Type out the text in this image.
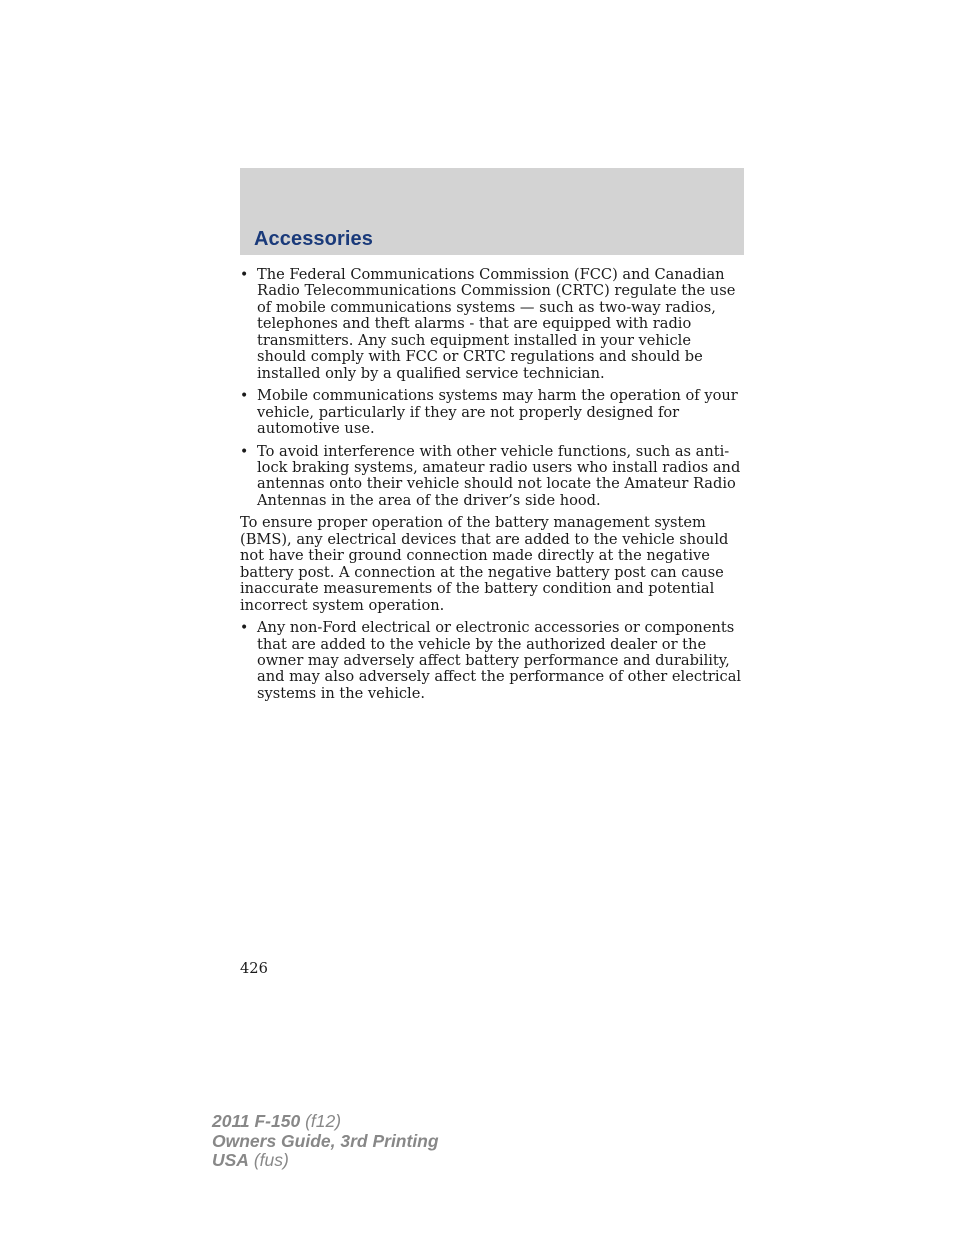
Accessories
• The Federal Communications Commission (FCC) and Canadian Radio Telecommunications Commission (CRTC) regulate the use of mobile communications systems — such as two-way radios, telephones and theft alarms - that are equipped with radio transmitters. Any such equipment installed in your vehicle should comply with FCC or CRTC regulations and should be installed only by a qualified service technician.
• Mobile communications systems may harm the operation of your vehicle, particularly if they are not properly designed for automotive use.
• To avoid interference with other vehicle functions, such as anti-lock braking systems, amateur radio users who install radios and antennas onto their vehicle should not locate the Amateur Radio Antennas in the area of the driver’s side hood.

To ensure proper operation of the battery management system (BMS), any electrical devices that are added to the vehicle should not have their ground connection made directly at the negative battery post. A connection at the negative battery post can cause inaccurate measurements of the battery condition and potential incorrect system operation.

• Any non-Ford electrical or electronic accessories or components that are added to the vehicle by the authorized dealer or the owner may adversely affect battery performance and durability, and may also adversely affect the performance of other electrical systems in the vehicle.
426
2011 F-150 (f12)
Owners Guide, 3rd Printing
USA (fus)
